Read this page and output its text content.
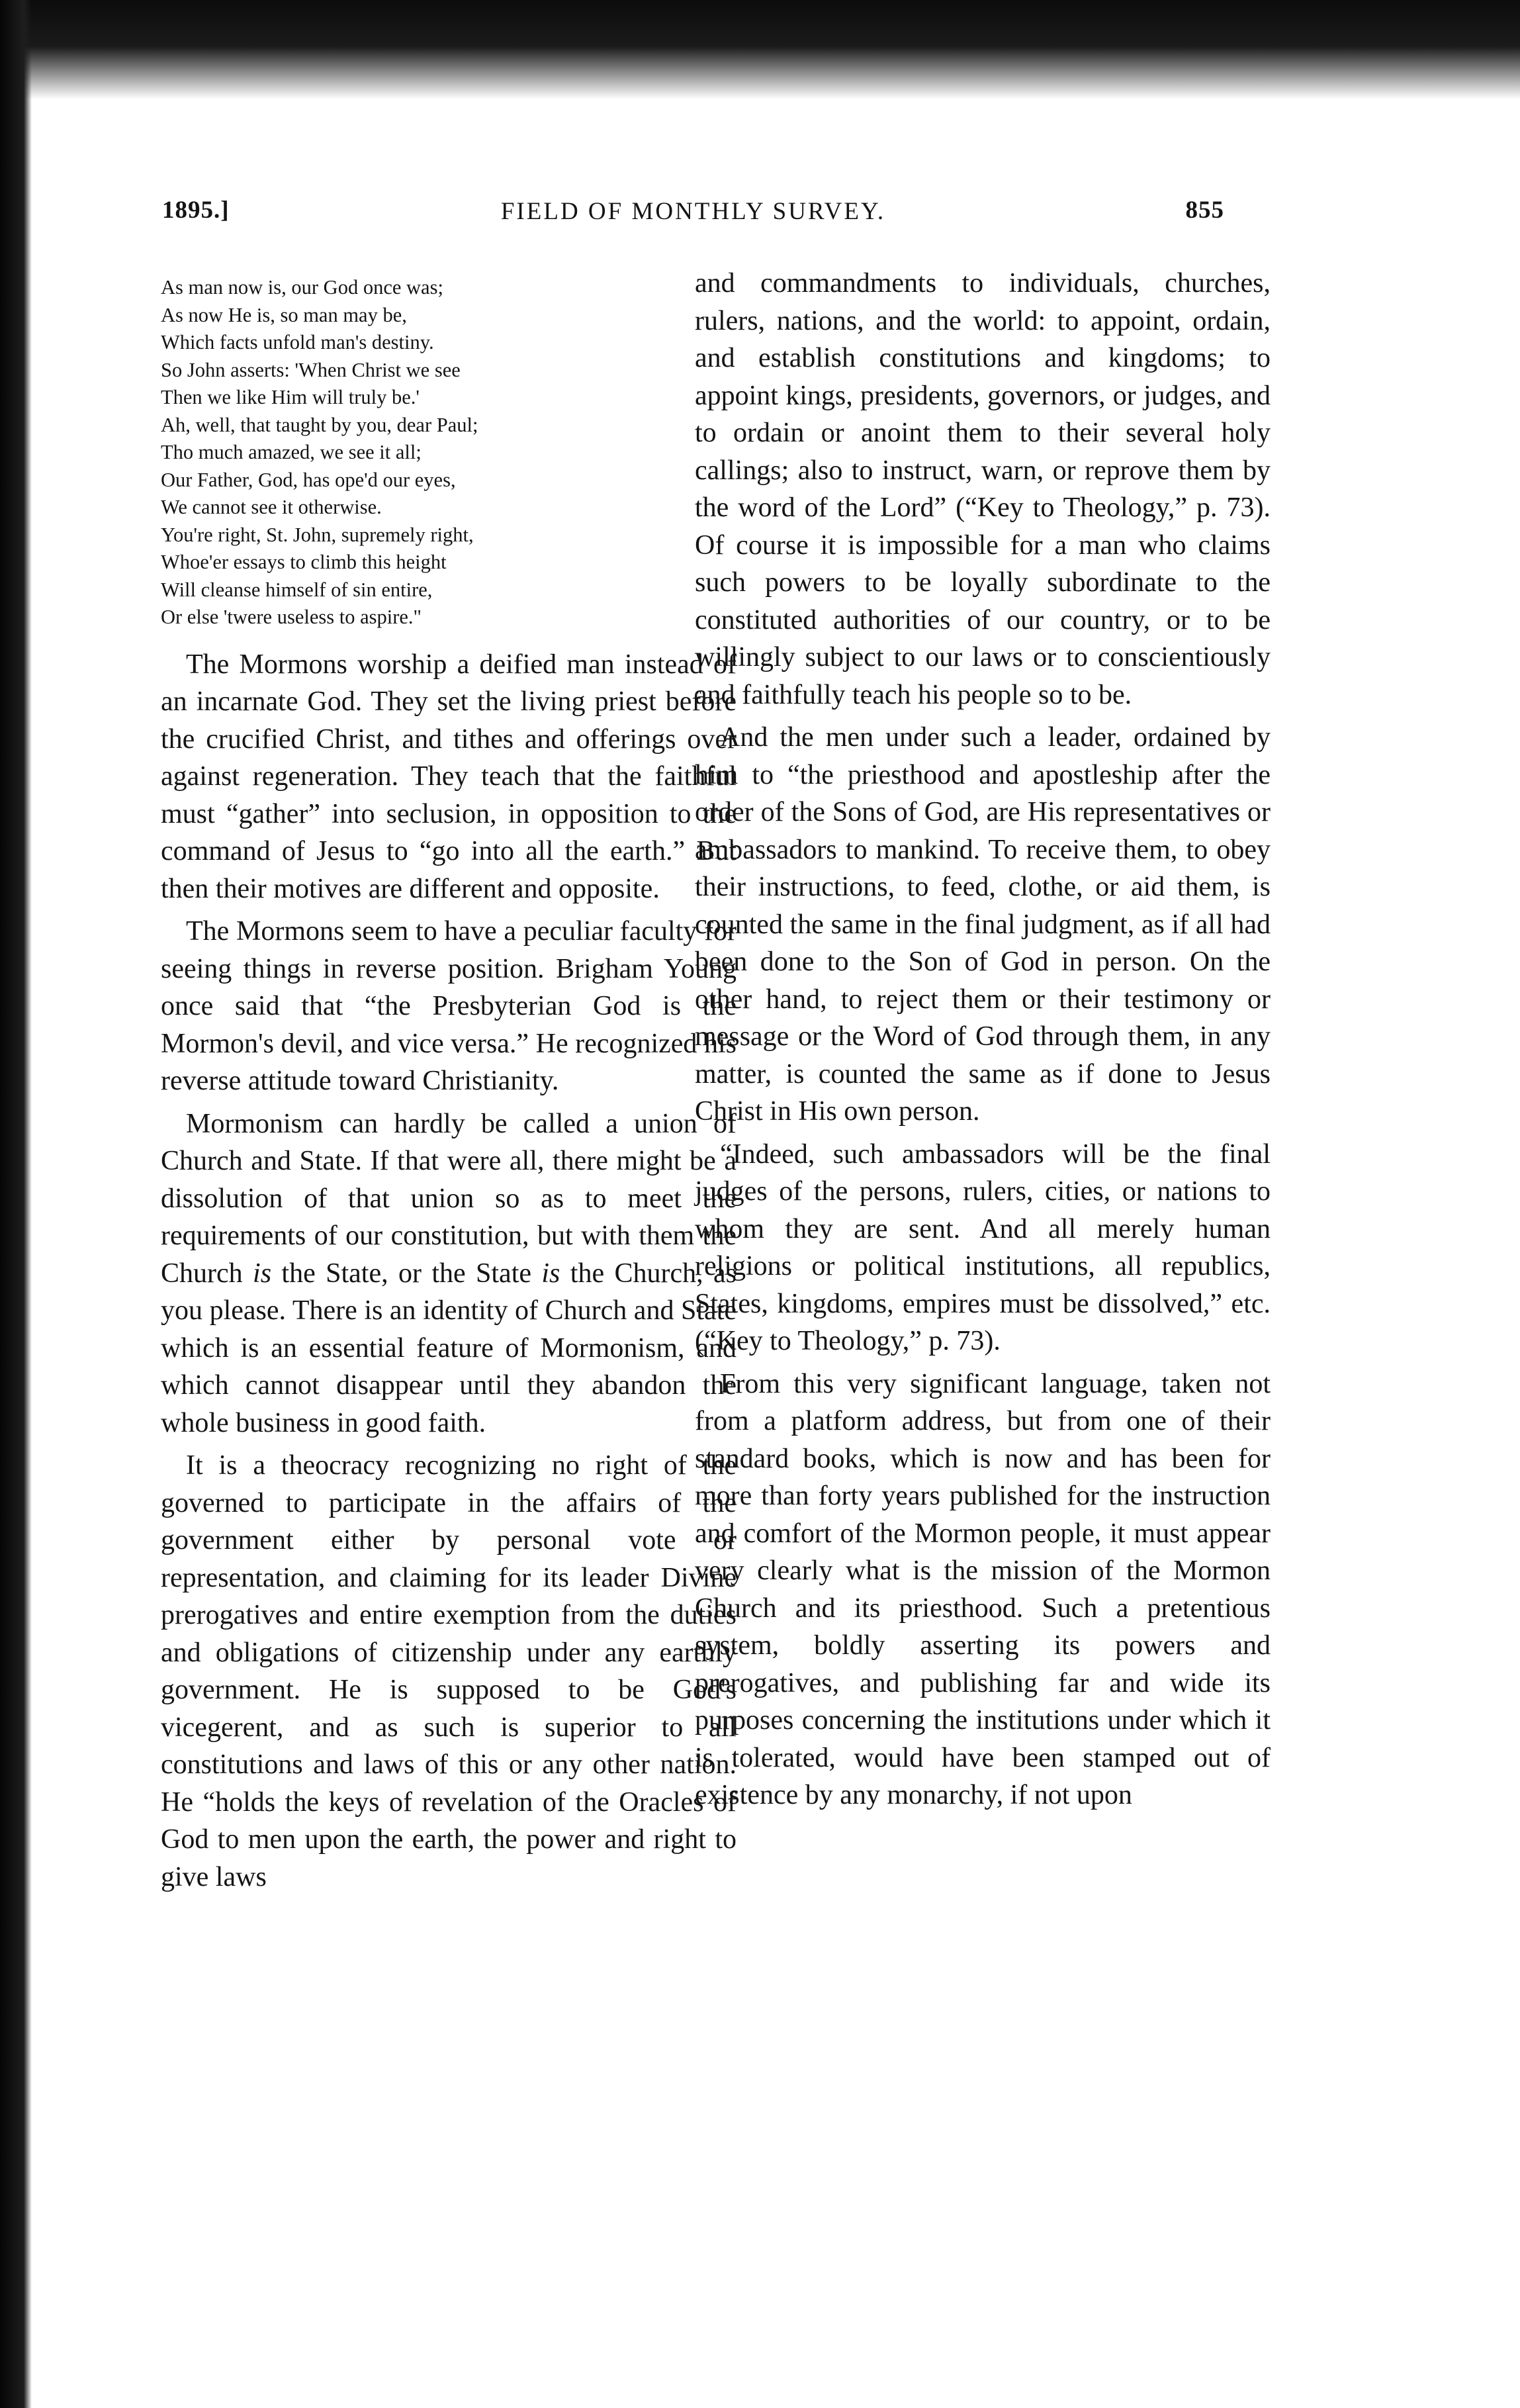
1895.]	FIELD OF MONTHLY SURVEY.	855
As man now is, our God once was;
As now He is, so man may be,
Which facts unfold man's destiny.
So John asserts: 'When Christ we see
Then we like Him will truly be.'
Ah, well, that taught by you, dear Paul;
Tho much amazed, we see it all;
Our Father, God, has ope'd our eyes,
We cannot see it otherwise.
You're right, St. John, supremely right,
Whoe'er essays to climb this height
Will cleanse himself of sin entire,
Or else 'twere useless to aspire."

The Mormons worship a deified man instead of an incarnate God. They set the living priest before the crucified Christ, and tithes and offerings over against regeneration. They teach that the faithful must “gather” into seclusion, in opposition to the command of Jesus to “go into all the earth.” But then their motives are different and opposite.

The Mormons seem to have a peculiar faculty for seeing things in reverse position. Brigham Young once said that “the Presbyterian God is the Mormon's devil, and vice versa.” He recognized his reverse attitude toward Christianity.

Mormonism can hardly be called a union of Church and State. If that were all, there might be a dissolution of that union so as to meet the requirements of our constitution, but with them the Church is the State, or the State is the Church, as you please. There is an identity of Church and State which is an essential feature of Mormonism, and which cannot disappear until they abandon the whole business in good faith.

It is a theocracy recognizing no right of the governed to participate in the affairs of the government either by personal vote or representation, and claiming for its leader Divine prerogatives and entire exemption from the duties and obligations of citizenship under any earthly government. He is supposed to be God's vicegerent, and as such is superior to all constitutions and laws of this or any other nation. He “holds the keys of revelation of the Oracles of God to men upon the earth, the power and right to give laws

and commandments to individuals, churches, rulers, nations, and the world: to appoint, ordain, and establish constitutions and kingdoms; to appoint kings, presidents, governors, or judges, and to ordain or anoint them to their several holy callings; also to instruct, warn, or reprove them by the word of the Lord” (“Key to Theology,” p. 73). Of course it is impossible for a man who claims such powers to be loyally subordinate to the constituted authorities of our country, or to be willingly subject to our laws or to conscientiously and faithfully teach his people so to be.

And the men under such a leader, ordained by him to “the priesthood and apostleship after the order of the Sons of God, are His representatives or ambassadors to mankind. To receive them, to obey their instructions, to feed, clothe, or aid them, is counted the same in the final judgment, as if all had been done to the Son of God in person. On the other hand, to reject them or their testimony or message or the Word of God through them, in any matter, is counted the same as if done to Jesus Christ in His own person.

“Indeed, such ambassadors will be the final judges of the persons, rulers, cities, or nations to whom they are sent. And all merely human religions or political institutions, all republics, States, kingdoms, empires must be dissolved,” etc. (“Key to Theology,” p. 73).

From this very significant language, taken not from a platform address, but from one of their standard books, which is now and has been for more than forty years published for the instruction and comfort of the Mormon people, it must appear very clearly what is the mission of the Mormon Church and its priesthood. Such a pretentious system, boldly asserting its powers and prerogatives, and publishing far and wide its purposes concerning the institutions under which it is tolerated, would have been stamped out of existence by any monarchy, if not upon
